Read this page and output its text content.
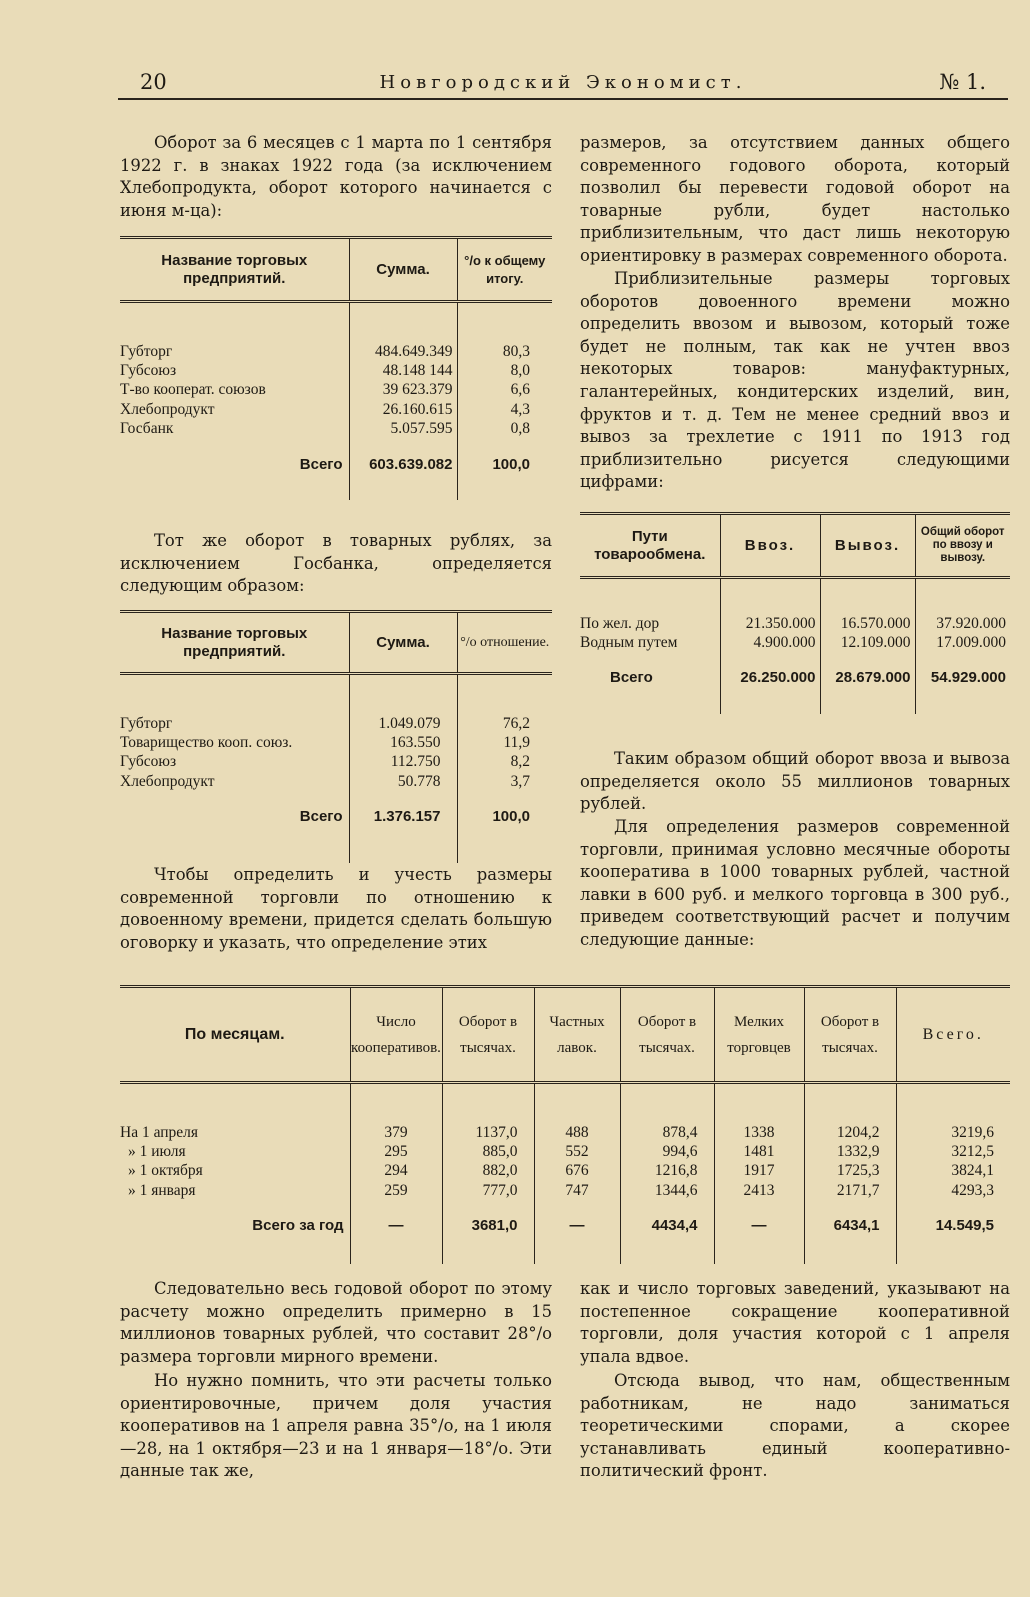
20	Новгородский Экономист.	№ 1.

Оборот за 6 месяцев с 1 марта по 1 сентября 1922 г. в знаках 1922 года (за исключением Хлебопродукта, оборот которого начинается с июня м-ца):

Название торговых предприятий.	Сумма.	°/о к общему итогу.

Губторг	484.649.349	80,3
Губсоюз	48.148 144	8,0
Т-во кооперат. союзов	39 623.379	6,6
Хлебопродукт	26.160.615	4,3
Госбанк	5.057.595	0,8

Всего	603.639.082	100,0

Тот же оборот в товарных рублях, за исключением Госбанка, определяется следующим образом:

Название торговых предприятий.	Сумма.	°/о отношение.

Губторг	1.049.079	76,2
Товарищество кооп. союз.	163.550	11,9
Губсоюз	112.750	8,2
Хлебопродукт	50.778	3,7

Всего	1.376.157	100,0

Чтобы определить и учесть размеры современной торговли по отношению к довоенному времени, придется сделать большую оговорку и указать, что определение этих

размеров, за отсутствием данных общего современного годового оборота, который позволил бы перевести годовой оборот на товарные рубли, будет настолько приблизительным, что даст лишь некоторую ориентировку в размерах современного оборота.

Приблизительные размеры торговых оборотов довоенного времени можно определить ввозом и вывозом, который тоже будет не полным, так как не учтен ввоз некоторых товаров: мануфактурных, галантерейных, кондитерских изделий, вин, фруктов и т. д. Тем не менее средний ввоз и вывоз за трехлетие с 1911 по 1913 год приблизительно рисуется следующими цифрами:

Пути товарообмена.	Ввоз.	Вывоз.	Общий оборот по ввозу и вывозу.

По жел. дор	21.350.000	16.570.000	37.920.000
Водным путем	4.900.000	12.109.000	17.009.000

Всего	26.250.000	28.679.000	54.929.000

Таким образом общий оборот ввоза и вывоза определяется около 55 миллионов товарных рублей.

Для определения размеров современной торговли, принимая условно месячные обороты кооператива в 1000 товарных рублей, частной лавки в 600 руб. и мелкого торговца в 300 руб., приведем соответствующий расчет и получим следующие данные:

По месяцам.	Число кооперативов.	Оборот в тысячах.	Частных лавок.	Оборот в тысячах.	Мелких торговцев	Оборот в тысячах.	Всего.

На 1 апреля	379	1137,0	488	878,4	1338	1204,2	3219,6
» 1 июля	295	885,0	552	994,6	1481	1332,9	3212,5
» 1 октября	294	882,0	676	1216,8	1917	1725,3	3824,1
» 1 января	259	777,0	747	1344,6	2413	2171,7	4293,3

Всего за год	—	3681,0	—	4434,4	—	6434,1	14.549,5

Следовательно весь годовой оборот по этому расчету можно определить примерно в 15 миллионов товарных рублей, что составит 28°/о размера торговли мирного времени.

Но нужно помнить, что эти расчеты только ориентировочные, причем доля участия кооперативов на 1 апреля равна 35°/о, на 1 июля—28, на 1 октября—23 и на 1 января—18°/о. Эти данные так же,

как и число торговых заведений, указывают на постепенное сокращение кооперативной торговли, доля участия которой с 1 апреля упала вдвое.

Отсюда вывод, что нам, общественным работникам, не надо заниматься теоретическими спорами, а скорее устанавливать единый кооперативно-политический фронт.
